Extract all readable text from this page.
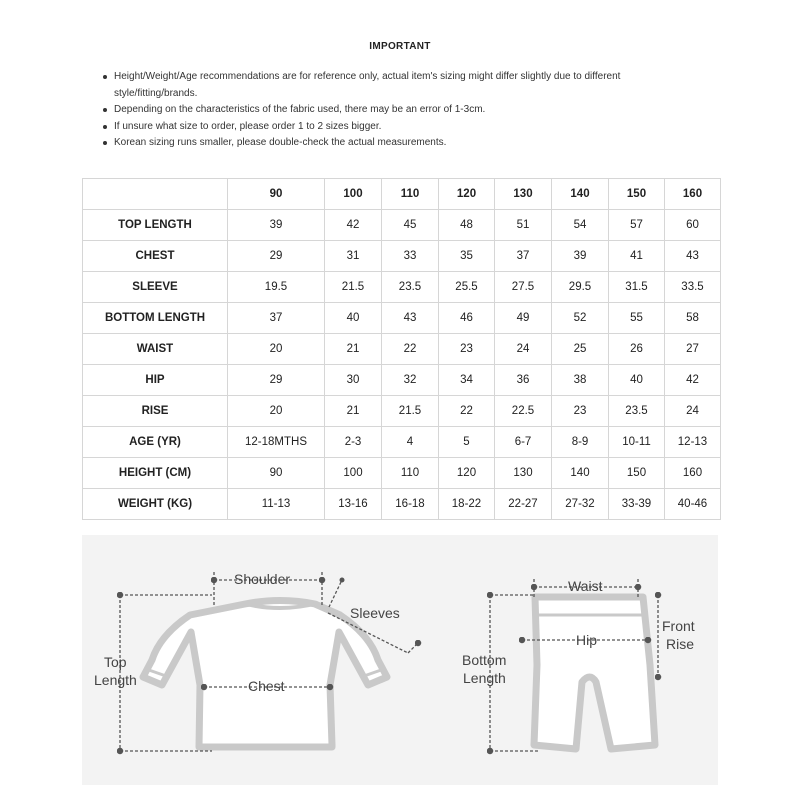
IMPORTANT
Height/Weight/Age recommendations are for reference only, actual item's sizing might differ slightly due to different style/fitting/brands.
Depending on the characteristics of the fabric used, there may be an error of 1-3cm.
If unsure what size to order, please order 1 to 2 sizes bigger.
Korean sizing runs smaller, please double-check the actual measurements.
	90	100	110	120	130	140	150	160
TOP LENGTH	39	42	45	48	51	54	57	60
CHEST	29	31	33	35	37	39	41	43
SLEEVE	19.5	21.5	23.5	25.5	27.5	29.5	31.5	33.5
BOTTOM LENGTH	37	40	43	46	49	52	55	58
WAIST	20	21	22	23	24	25	26	27
HIP	29	30	32	34	36	38	40	42
RISE	20	21	21.5	22	22.5	23	23.5	24
AGE (YR)	12-18MTHS	2-3	4	5	6-7	8-9	10-11	12-13
HEIGHT (CM)	90	100	110	120	130	140	150	160
WEIGHT (KG)	11-13	13-16	16-18	18-22	22-27	27-32	33-39	40-46
Shoulder
Sleeves
Top
Length	Chest
Waist
Hip
Front
Rise
Bottom
Length
